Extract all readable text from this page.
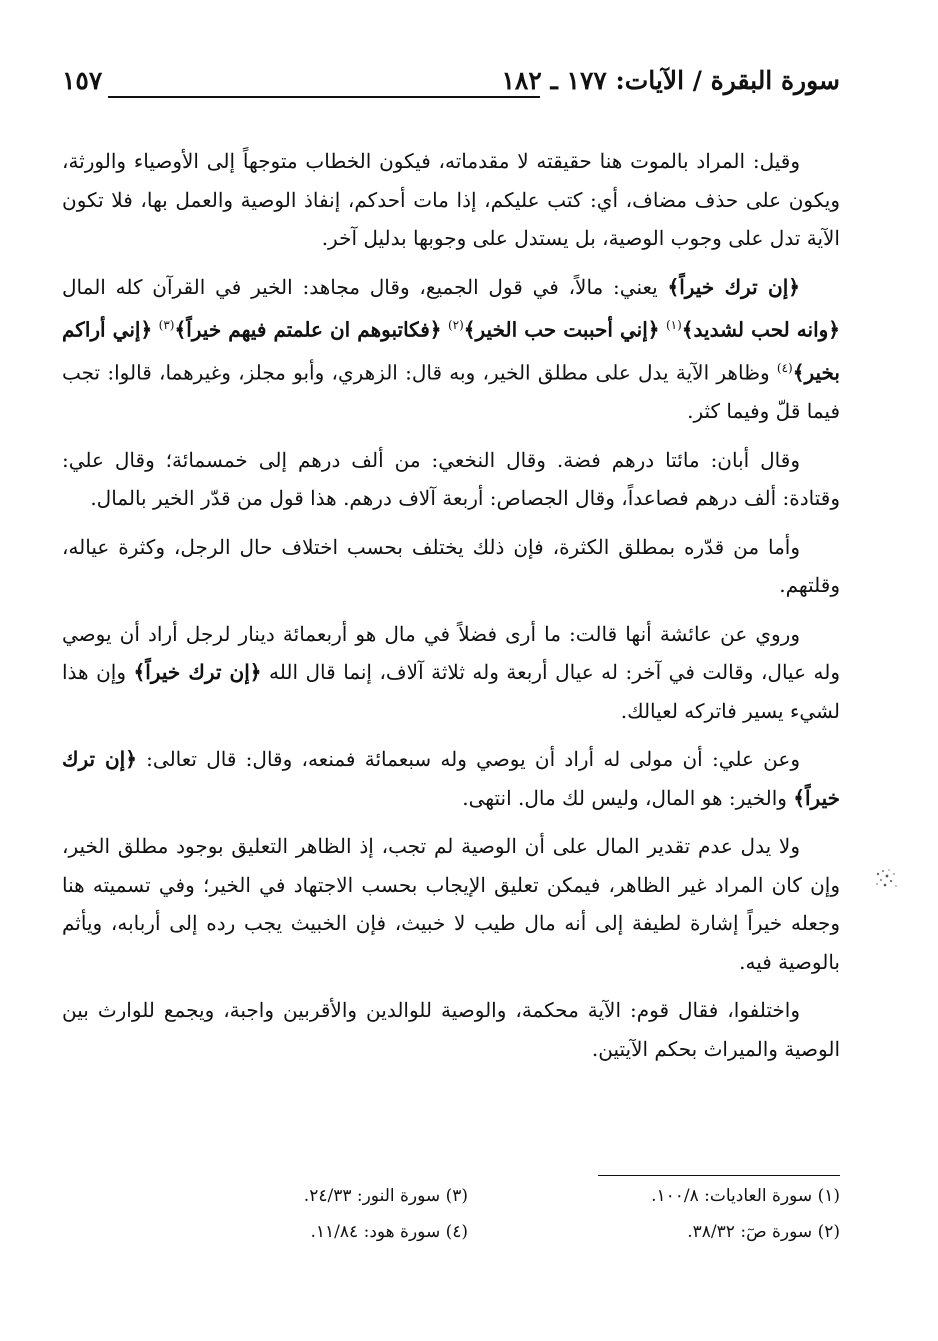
سورة البقرة / الآيات: ١٧٧ ـ ١٨٢
١٥٧

وقيل: المراد بالموت هنا حقيقته لا مقدماته، فيكون الخطاب متوجهاً إلى الأوصياء والورثة، ويكون على حذف مضاف، أي: كتب عليكم، إذا مات أحدكم، إنفاذ الوصية والعمل بها، فلا تكون الآية تدل على وجوب الوصية، بل يستدل على وجوبها بدليل آخر.

﴿إن ترك خيراً﴾ يعني: مالاً، في قول الجميع، وقال مجاهد: الخير في القرآن كله المال ﴿وانه لحب لشديد﴾$^{(١)}$ ﴿إني أحببت حب الخير﴾$^{(٢)}$ ﴿فكاتبوهم ان علمتم فيهم خيراً﴾$^{(٣)}$ ﴿إني أراكم بخير﴾$^{(٤)}$ وظاهر الآية يدل على مطلق الخير، وبه قال: الزهري، وأبو مجلز، وغيرهما، قالوا: تجب فيما قلّ وفيما كثر.

وقال أبان: مائتا درهم فضة. وقال النخعي: من ألف درهم إلى خمسمائة؛ وقال علي: وقتادة: ألف درهم فصاعداً، وقال الجصاص: أربعة آلاف درهم. هذا قول من قدّر الخير بالمال.

وأما من قدّره بمطلق الكثرة، فإن ذلك يختلف بحسب اختلاف حال الرجل، وكثرة عياله، وقلتهم.

وروي عن عائشة أنها قالت: ما أرى فضلاً في مال هو أربعمائة دينار لرجل أراد أن يوصي وله عيال، وقالت في آخر: له عيال أربعة وله ثلاثة آلاف، إنما قال الله ﴿إن ترك خيراً﴾ وإن هذا لشيء يسير فاتركه لعيالك.

وعن علي: أن مولى له أراد أن يوصي وله سبعمائة فمنعه، وقال: قال تعالى: ﴿إن ترك خيراً﴾ والخير: هو المال، وليس لك مال. انتهى.

ولا يدل عدم تقدير المال على أن الوصية لم تجب، إذ الظاهر التعليق بوجود مطلق الخير، وإن كان المراد غير الظاهر، فيمكن تعليق الإيجاب بحسب الاجتهاد في الخير؛ وفي تسميته هنا وجعله خيراً إشارة لطيفة إلى أنه مال طيب لا خبيث، فإن الخبيث يجب رده إلى أربابه، ويأثم بالوصية فيه.

واختلفوا، فقال قوم: الآية محكمة، والوصية للوالدين والأقربين واجبة، ويجمع للوارث بين الوصية والميراث بحكم الآيتين.

(١) سورة العاديات: ١٠٠/٨.
(٢) سورة صٓ: ٣٨/٣٢.
(٣) سورة النور: ٢٤/٣٣.
(٤) سورة هود: ١١/٨٤.
